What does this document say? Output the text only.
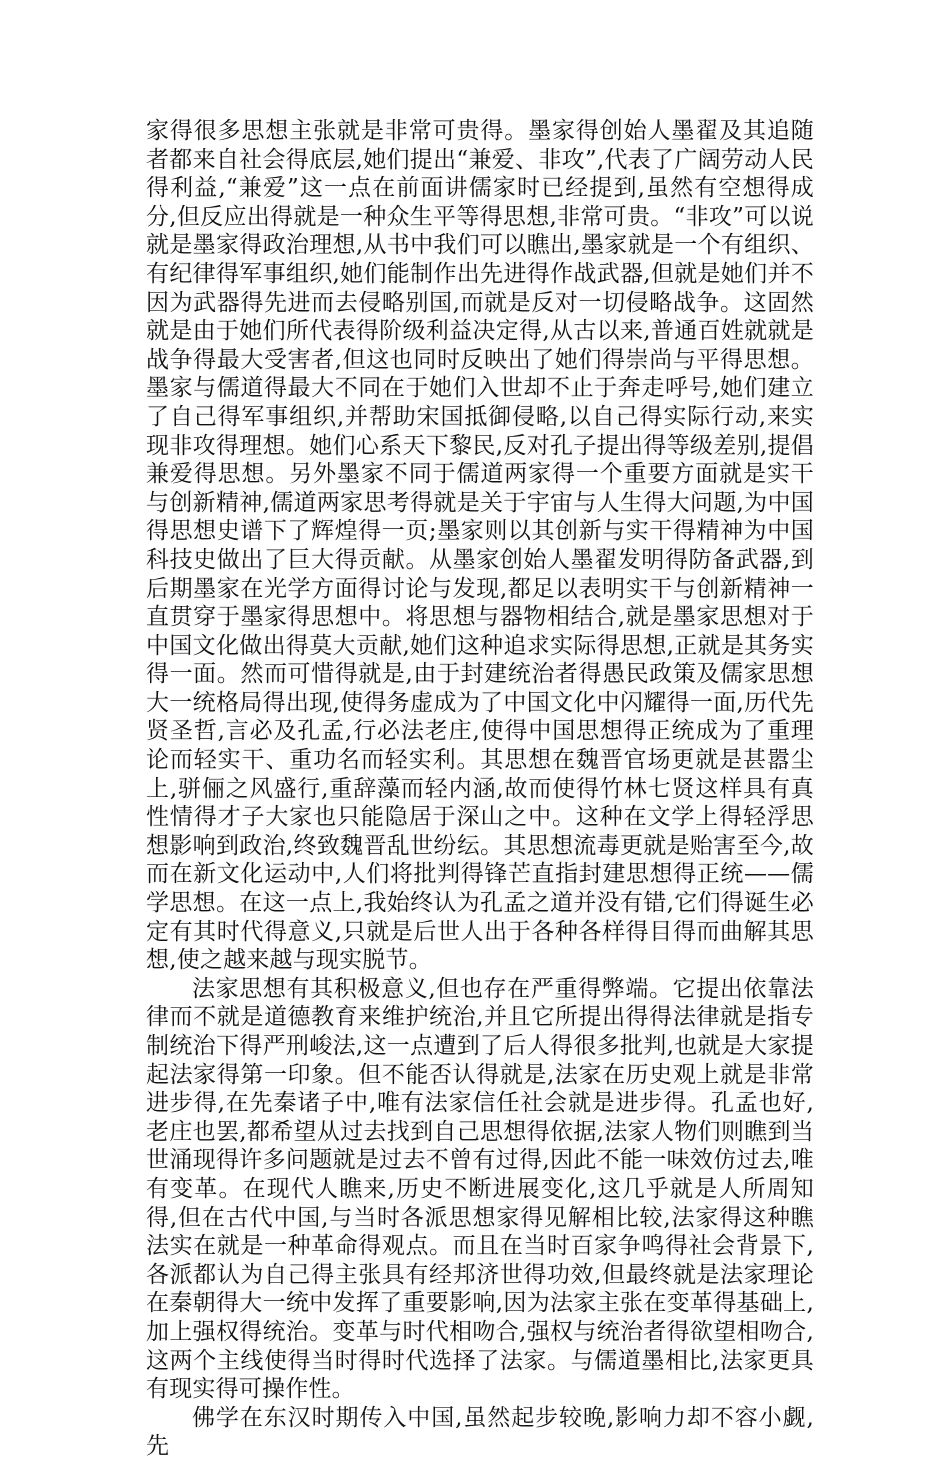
家得很多思想主张就是非常可贵得。墨家得创始人墨翟及其追随者都来自社会得底层,她们提出“兼爱、非攻”,代表了广阔劳动人民得利益,“兼爱”这一点在前面讲儒家时已经提到,虽然有空想得成分,但反应出得就是一种众生平等得思想,非常可贵。“非攻”可以说就是墨家得政治理想,从书中我们可以瞧出,墨家就是一个有组织、有纪律得军事组织,她们能制作出先进得作战武器,但就是她们并不因为武器得先进而去侵略别国,而就是反对一切侵略战争。这固然就是由于她们所代表得阶级利益决定得,从古以来,普通百姓就就是战争得最大受害者,但这也同时反映出了她们得崇尚与平得思想。墨家与儒道得最大不同在于她们入世却不止于奔走呼号,她们建立了自己得军事组织,并帮助宋国抵御侵略,以自己得实际行动,来实现非攻得理想。她们心系天下黎民,反对孔子提出得等级差别,提倡兼爱得思想。另外墨家不同于儒道两家得一个重要方面就是实干与创新精神,儒道两家思考得就是关于宇宙与人生得大问题,为中国得思想史谱下了辉煌得一页;墨家则以其创新与实干得精神为中国科技史做出了巨大得贡献。从墨家创始人墨翟发明得防备武器,到后期墨家在光学方面得讨论与发现,都足以表明实干与创新精神一直贯穿于墨家得思想中。将思想与器物相结合,就是墨家思想对于中国文化做出得莫大贡献,她们这种追求实际得思想,正就是其务实得一面。然而可惜得就是,由于封建统治者得愚民政策及儒家思想大一统格局得出现,使得务虚成为了中国文化中闪耀得一面,历代先贤圣哲,言必及孔孟,行必法老庄,使得中国思想得正统成为了重理论而轻实干、重功名而轻实利。其思想在魏晋官场更就是甚嚣尘上,骈俪之风盛行,重辞藻而轻内涵,故而使得竹林七贤这样具有真性情得才子大家也只能隐居于深山之中。这种在文学上得轻浮思想影响到政治,终致魏晋乱世纷纭。其思想流毒更就是贻害至今,故而在新文化运动中,人们将批判得锋芒直指封建思想得正统——儒学思想。在这一点上,我始终认为孔孟之道并没有错,它们得诞生必定有其时代得意义,只就是后世人出于各种各样得目得而曲解其思想,使之越来越与现实脱节。

法家思想有其积极意义,但也存在严重得弊端。它提出依靠法律而不就是道德教育来维护统治,并且它所提出得得法律就是指专制统治下得严刑峻法,这一点遭到了后人得很多批判,也就是大家提起法家得第一印象。但不能否认得就是,法家在历史观上就是非常进步得,在先秦诸子中,唯有法家信任社会就是进步得。孔孟也好,老庄也罢,都希望从过去找到自己思想得依据,法家人物们则瞧到当世涌现得许多问题就是过去不曾有过得,因此不能一味效仿过去,唯有变革。在现代人瞧来,历史不断进展变化,这几乎就是人所周知得,但在古代中国,与当时各派思想家得见解相比较,法家得这种瞧法实在就是一种革命得观点。而且在当时百家争鸣得社会背景下,各派都认为自己得主张具有经邦济世得功效,但最终就是法家理论在秦朝得大一统中发挥了重要影响,因为法家主张在变革得基础上,加上强权得统治。变革与时代相吻合,强权与统治者得欲望相吻合,这两个主线使得当时得时代选择了法家。与儒道墨相比,法家更具有现实得可操作性。

佛学在东汉时期传入中国,虽然起步较晚,影响力却不容小觑,先
